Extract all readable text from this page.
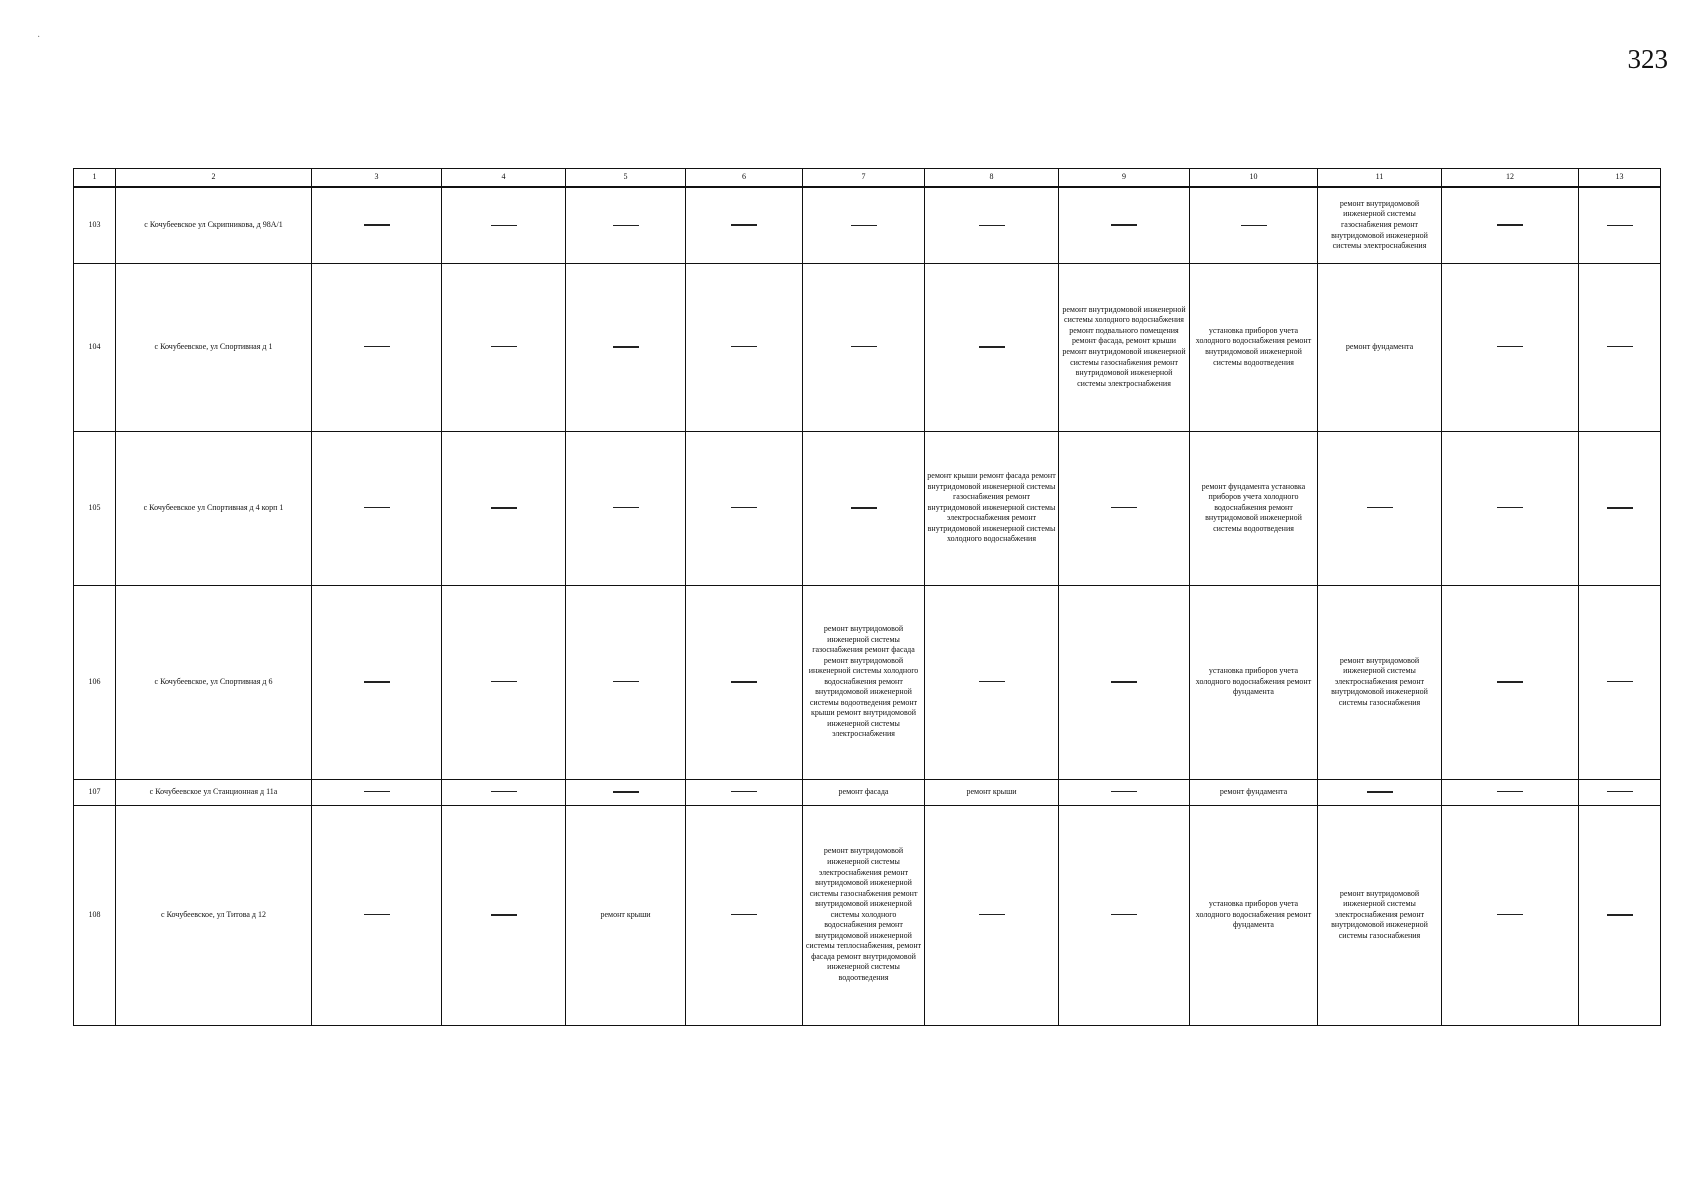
·
323
1	2	3	4	5	6	7	8	9	10	11	12	13
103	с Кочубеевское ул Скрипникова, д 98А/1									ремонт внутридомовой инженерной системы газоснабжения ремонт внутридомовой инженерной системы электроснабжения		

104	с Кочубеевское, ул Спортивная д 1							ремонт внутридомовой инженерной системы холодного водоснабжения ремонт подвального помещения ремонт фасада, ремонт крыши ремонт внутридомовой инженерной системы газоснабжения ремонт внутридомовой инженерной системы электроснабжения	установка приборов учета холодного водоснабжения ремонт внутридомовой инженерной системы водоотведения	ремонт фундамента		

105	с Кочубеевское ул Спортивная д 4 корп 1						ремонт крыши ремонт фасада ремонт внутридомовой инженерной системы газоснабжения ремонт внутридомовой инженерной системы электроснабжения ремонт внутридомовой инженерной системы холодного водоснабжения		ремонт фундамента установка приборов учета холодного водоснабжения ремонт внутридомовой инженерной системы водоотведения			

106	с Кочубеевское, ул Спортивная д 6					ремонт внутридомовой инженерной системы газоснабжения ремонт фасада ремонт внутридомовой инженерной системы холодного водоснабжения ремонт внутридомовой инженерной системы водоотведения ремонт крыши ремонт внутридомовой инженерной системы электроснабжения			установка приборов учета холодного водоснабжения ремонт фундамента	ремонт внутридомовой инженерной системы электроснабжения ремонт внутридомовой инженерной системы газоснабжения		

107	с Кочубеевское ул Станционная д 11а					ремонт фасада	ремонт крыши		ремонт фундамента			

108	с Кочубеевское, ул Титова д 12			ремонт крыши		ремонт внутридомовой инженерной системы электроснабжения ремонт внутридомовой инженерной системы газоснабжения ремонт внутридомовой инженерной системы холодного водоснабжения ремонт внутридомовой инженерной системы теплоснабжения, ремонт фасада ремонт внутридомовой инженерной системы водоотведения			установка приборов учета холодного водоснабжения ремонт фундамента	ремонт внутридомовой инженерной системы электроснабжения ремонт внутридомовой инженерной системы газоснабжения		
